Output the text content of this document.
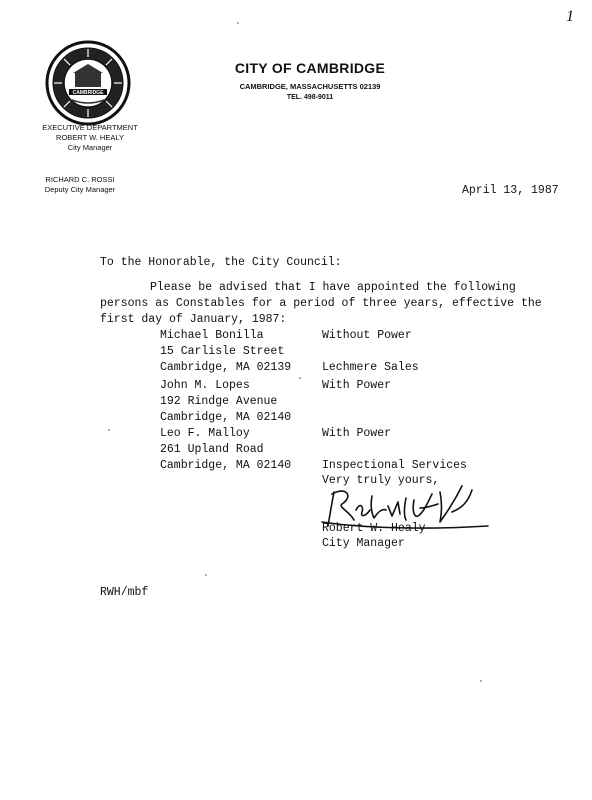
1
CAMBRIDGE
CITY OF CAMBRIDGE
CAMBRIDGE, MASSACHUSETTS 02139
TEL. 498-9011
EXECUTIVE DEPARTMENT
ROBERT W. HEALY
City Manager
RICHARD C. ROSSI
Deputy City Manager	April 13, 1987
To the Honorable, the City Council:
Please be advised that I have appointed the following persons as Constables for a period of three years, effective the first day of January, 1987:
Michael Bonilla
15 Carlisle Street
Cambridge, MA 02139
Without Power
Lechmere Sales
John M. Lopes
192 Rindge Avenue
Cambridge, MA 02140
With Power
Leo F. Malloy
261 Upland Road
Cambridge, MA 02140
With Power
Inspectional Services
Very truly yours,
Robert W. Healy
City Manager
RWH/mbf
